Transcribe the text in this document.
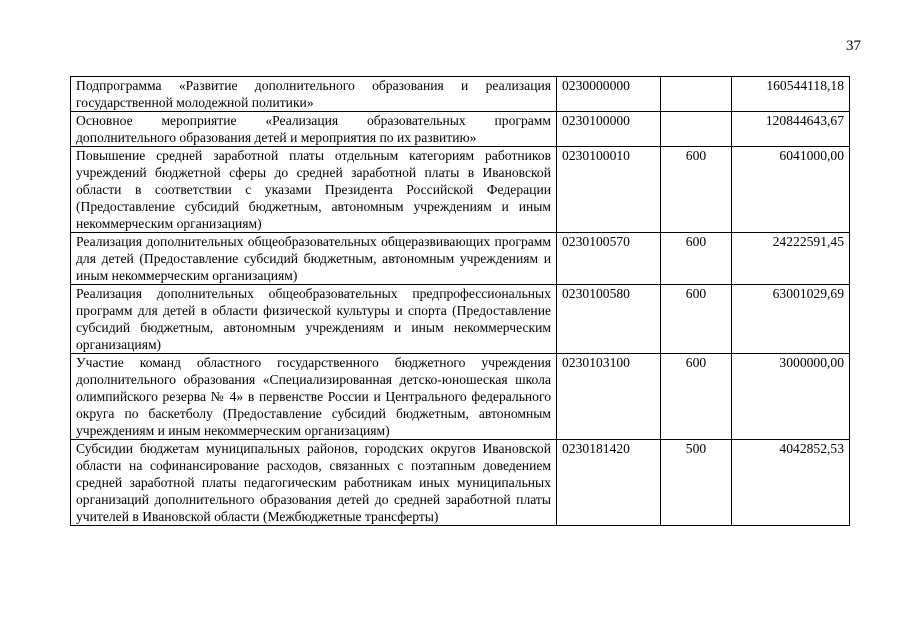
37
Подпрограмма «Развитие дополнительного образования и реализация государственной молодежной политики»	0230000000		160544118,18
Основное мероприятие «Реализация образовательных программ дополнительного образования детей и мероприятия по их развитию»	0230100000		120844643,67
Повышение средней заработной платы отдельным категориям работников учреждений бюджетной сферы до средней заработной платы в Ивановской области в соответствии с указами Президента Российской Федерации (Предоставление субсидий бюджетным, автономным учреждениям и иным некоммерческим организациям)	0230100010	600	6041000,00
Реализация дополнительных общеобразовательных общеразвивающих программ для детей (Предоставление субсидий бюджетным, автономным учреждениям и иным некоммерческим организациям)	0230100570	600	24222591,45
Реализация дополнительных общеобразовательных предпрофессиональных программ для детей в области физической культуры и спорта (Предоставление субсидий бюджетным, автономным учреждениям и иным некоммерческим организациям)	0230100580	600	63001029,69
Участие команд областного государственного бюджетного учреждения дополнительного образования «Специализированная детско-юношеская школа олимпийского резерва № 4» в первенстве России и Центрального федерального округа по баскетболу (Предоставление субсидий бюджетным, автономным учреждениям и иным некоммерческим организациям)	0230103100	600	3000000,00
Субсидии бюджетам муниципальных районов, городских округов Ивановской области на софинансирование расходов, связанных с поэтапным доведением средней заработной платы педагогическим работникам иных муниципальных организаций дополнительного образования детей до средней заработной платы учителей в Ивановской области (Межбюджетные трансферты)	0230181420	500	4042852,53
